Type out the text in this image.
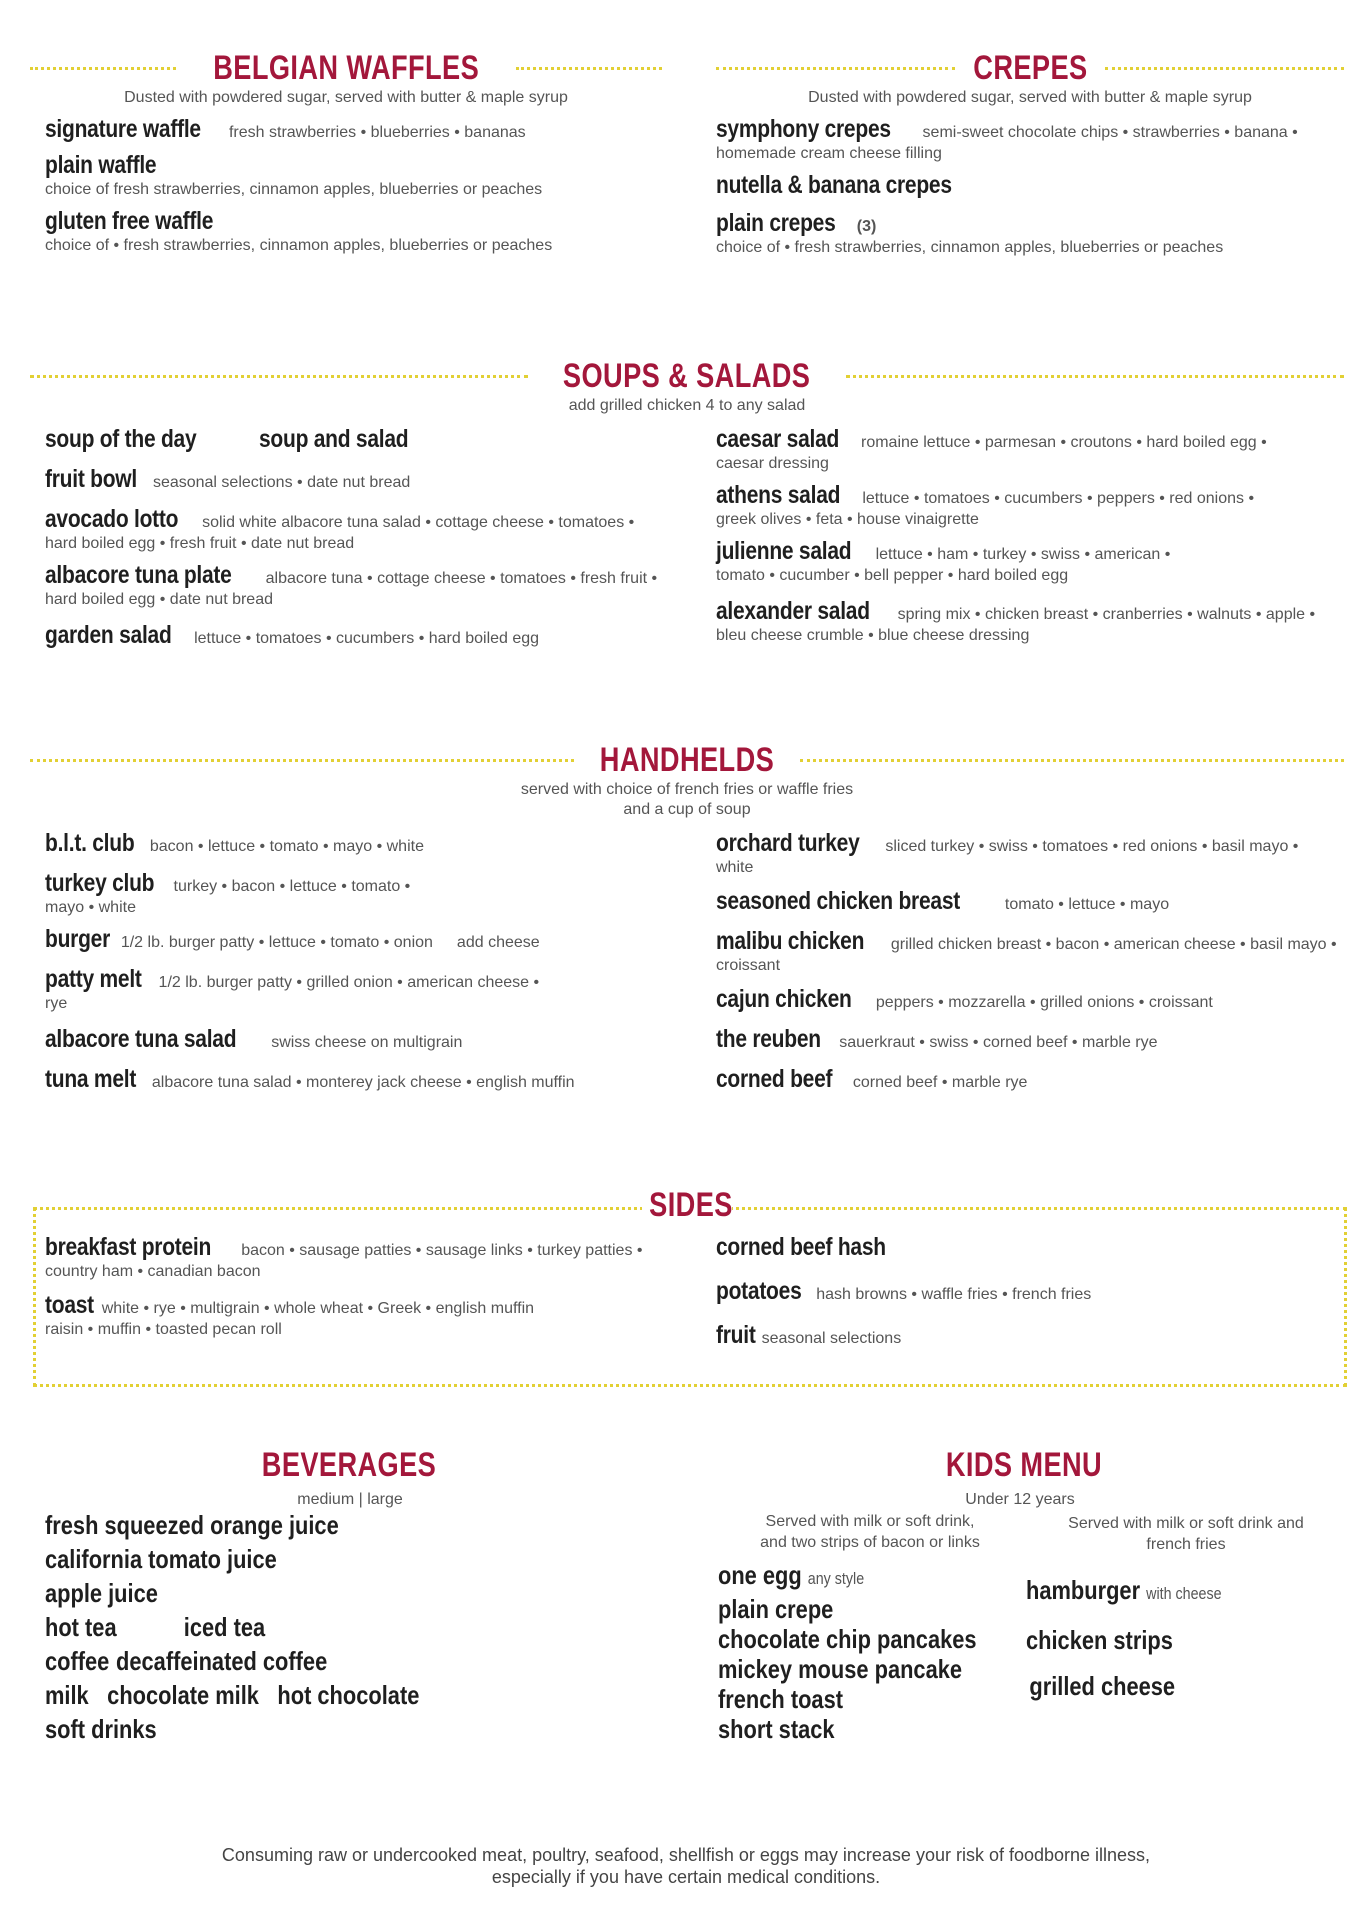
BELGIAN WAFFLES
Dusted with powdered sugar, served with butter & maple syrup
signature waffle fresh strawberries • blueberries • bananas
plain waffle
choice of fresh strawberries, cinnamon apples, blueberries or peaches
gluten free waffle
choice of • fresh strawberries, cinnamon apples, blueberries or peaches
CREPES
Dusted with powdered sugar, served with butter & maple syrup
symphony crepes semi-sweet chocolate chips • strawberries • banana •
homemade cream cheese filling
nutella & banana crepes
plain crepes (3)
choice of • fresh strawberries, cinnamon apples, blueberries or peaches
SOUPS & SALADS
add grilled chicken 4 to any salad
soup of the day	soup and salad
fruit bowl seasonal selections • date nut bread
avocado lotto solid white albacore tuna salad • cottage cheese • tomatoes •
hard boiled egg • fresh fruit • date nut bread
albacore tuna plate albacore tuna • cottage cheese • tomatoes • fresh fruit •
hard boiled egg • date nut bread
garden salad lettuce • tomatoes • cucumbers • hard boiled egg
caesar salad romaine lettuce • parmesan • croutons • hard boiled egg •
caesar dressing
athens salad lettuce • tomatoes • cucumbers • peppers • red onions •
greek olives • feta • house vinaigrette
julienne salad lettuce • ham • turkey • swiss • american •
tomato • cucumber • bell pepper • hard boiled egg
alexander salad spring mix • chicken breast • cranberries • walnuts • apple •
bleu cheese crumble • blue cheese dressing
HANDHELDS
served with choice of french fries or waffle fries
and a cup of soup
b.l.t. club bacon • lettuce • tomato • mayo • white
turkey club turkey • bacon • lettuce • tomato •
mayo • white
burger 1/2 lb. burger patty • lettuce • tomato • onion add cheese
patty melt 1/2 lb. burger patty • grilled onion • american cheese •
rye
albacore tuna salad swiss cheese on multigrain
tuna melt albacore tuna salad • monterey jack cheese • english muffin
orchard turkey sliced turkey • swiss • tomatoes • red onions • basil mayo •
white
seasoned chicken breast	tomato • lettuce • mayo
malibu chicken grilled chicken breast • bacon • american cheese • basil mayo •
croissant
cajun chicken peppers • mozzarella • grilled onions • croissant
the reuben sauerkraut • swiss • corned beef • marble rye
corned beef corned beef • marble rye
SIDES
breakfast protein bacon • sausage patties • sausage links • turkey patties •
country ham • canadian bacon
toast white • rye • multigrain • whole wheat • Greek • english muffin
raisin • muffin • toasted pecan roll
corned beef hash
potatoes hash browns • waffle fries • french fries
fruit seasonal selections
BEVERAGES
medium | large
fresh squeezed orange juice
california tomato juice
apple juice
hot tea	iced tea
coffee decaffeinated coffee
milk chocolate milk hot chocolate
soft drinks
KIDS MENU
Under 12 years
Served with milk or soft drink,
and two strips of bacon or links
Served with milk or soft drink and
french fries
one egg any style
plain crepe
chocolate chip pancakes
mickey mouse pancake
french toast
short stack
hamburger with cheese
chicken strips
grilled cheese
Consuming raw or undercooked meat, poultry, seafood, shellfish or eggs may increase your risk of foodborne illness,
especially if you have certain medical conditions.
